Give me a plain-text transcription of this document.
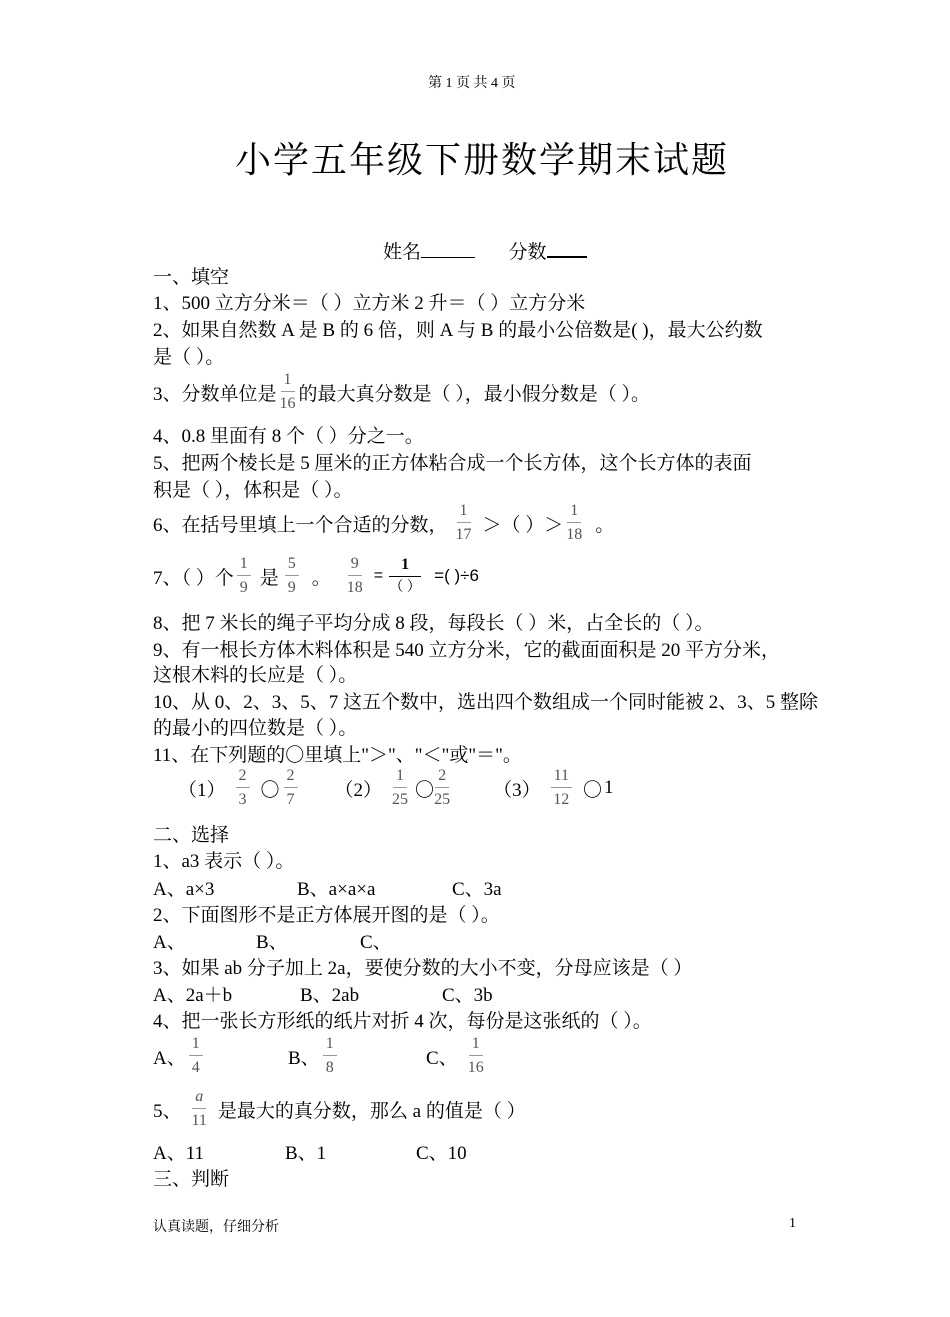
第 1 页 共 4 页
小学五年级下册数学期末试题
姓名	分数
一、填空
1、500 立方分米＝（ ）立方米 2 升＝（ ）立方分米
2、如果自然数 A 是 B 的 6 倍，则 A 与 B 的最小公倍数是( )，最大公约数
是（ ）。
3、分数单位是 $\frac{1}{16}$ 的最大真分数是（ ），最小假分数是（ ）。
4、0.8 里面有 8 个（ ）分之一。
5、把两个棱长是 5 厘米的正方体粘合成一个长方体，这个长方体的表面
积是（ ），体积是（ ）。
6、在括号里填上一个合适的分数， $\frac{1}{17}$ ＞（ ）＞ $\frac{1}{18}$ 。
7、（ ）个 $\frac{1}{9}$ 是 $\frac{5}{9}$ 。 $\frac{9}{18} = \frac{1}{( )}$ =( )÷6
8、把 7 米长的绳子平均分成 8 段，每段长（ ）米，占全长的（ ）。
9、有一根长方体木料体积是 540 立方分米，它的截面面积是 20 平方分米，
这根木料的长应是（ ）。
10、从 0、2、3、5、7 这五个数中，选出四个数组成一个同时能被 2、3、5 整除
的最小的四位数是（ ）。
11、在下列题的〇里填上"＞"、"＜"或"＝"。
$(1) \frac{2}{3}$ 〇 $\frac{2}{7} (2) \frac{1}{25}$ 〇 $\frac{2}{25} (3) \frac{11}{12}$ 〇 1
二、选择
1、a3 表示（ ）。
A、a×3	B、a×a×a	C、3a
2、下面图形不是正方体展开图的是（ ）。
A、	B、	C、
3、如果 ab 分子加上 2a，要使分数的大小不变，分母应该是（ ）
A、2a＋b	B、2ab	C、3b
4、把一张长方形纸的纸片对折 4 次，每份是这张纸的（ ）。
A、 $\frac{1}{4}$	B、 $\frac{1}{8}$	C、 $\frac{1}{16}$
5、 $\frac{a}{11}$ 是最大的真分数，那么 a 的值是（ ）
A、11	B、1	C、10
三、判断
认真读题，仔细分析	1
